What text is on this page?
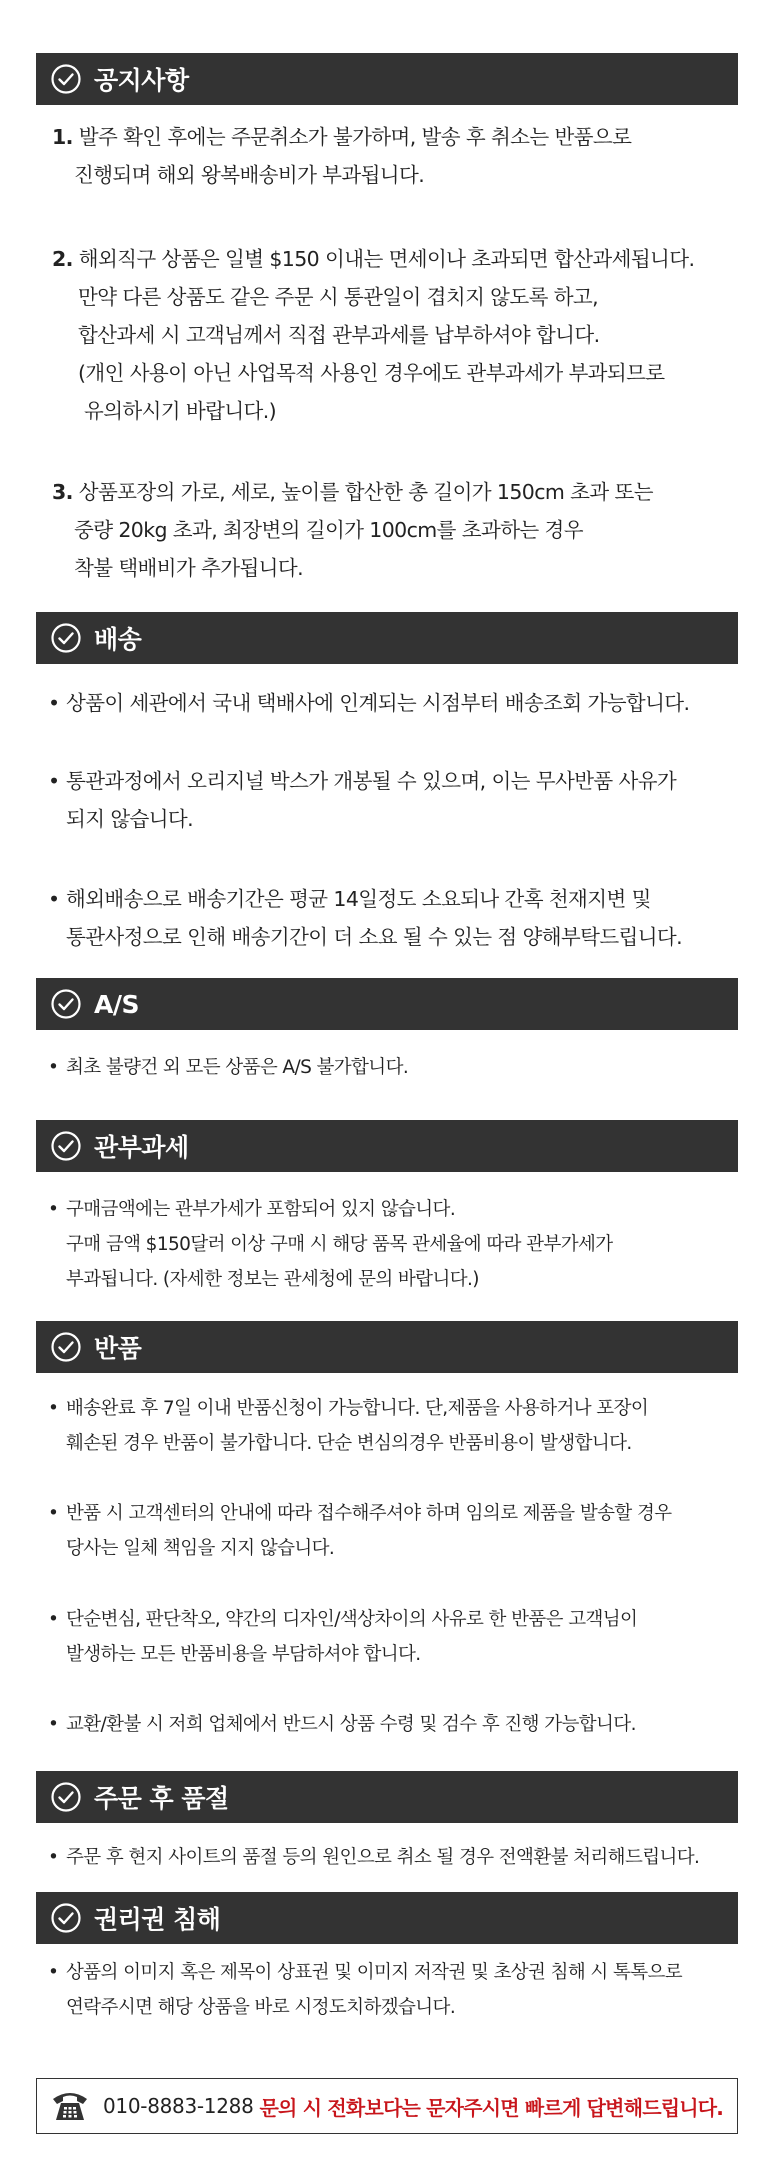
공지사항
1. 발주 확인 후에는 주문취소가 불가하며, 발송 후 취소는 반품으로
진행되며 해외 왕복배송비가 부과됩니다.
2. 해외직구 상품은 일별 $150 이내는 면세이나 초과되면 합산과세됩니다.
만약 다른 상품도 같은 주문 시 통관일이 겹치지 않도록 하고,
합산과세 시 고객님께서 직접 관부과세를 납부하셔야 합니다.
(개인 사용이 아닌 사업목적 사용인 경우에도 관부과세가 부과되므로
유의하시기 바랍니다.)
3. 상품포장의 가로, 세로, 높이를 합산한 총 길이가 150cm 초과 또는
중량 20kg 초과, 최장변의 길이가 100cm를 초과하는 경우
착불 택배비가 추가됩니다.
배송
• 상품이 세관에서 국내 택배사에 인계되는 시점부터 배송조회 가능합니다.
• 통관과정에서 오리지널 박스가 개봉될 수 있으며, 이는 무사반품 사유가
되지 않습니다.
• 해외배송으로 배송기간은 평균 14일정도 소요되나 간혹 천재지변 및
통관사정으로 인해 배송기간이 더 소요 될 수 있는 점 양해부탁드립니다.
A/S
• 최초 불량건 외 모든 상품은 A/S 불가합니다.
관부과세
• 구매금액에는 관부가세가 포함되어 있지 않습니다.
구매 금액 $150달러 이상 구매 시 해당 품목 관세율에 따라 관부가세가
부과됩니다. (자세한 정보는 관세청에 문의 바랍니다.)
반품
• 배송완료 후 7일 이내 반품신청이 가능합니다. 단,제품을 사용하거나 포장이
훼손된 경우 반품이 불가합니다. 단순 변심의경우 반품비용이 발생합니다.
• 반품 시 고객센터의 안내에 따라 접수해주셔야 하며 임의로 제품을 발송할 경우
당사는 일체 책임을 지지 않습니다.
• 단순변심, 판단착오, 약간의 디자인/색상차이의 사유로 한 반품은 고객님이
발생하는 모든 반품비용을 부담하셔야 합니다.
• 교환/환불 시 저희 업체에서 반드시 상품 수령 및 검수 후 진행 가능합니다.
주문 후 품절
• 주문 후 현지 사이트의 품절 등의 원인으로 취소 될 경우 전액환불 처리해드립니다.
권리권 침해
• 상품의 이미지 혹은 제목이 상표권 및 이미지 저작권 및 초상권 침해 시 톡톡으로
연락주시면 해당 상품을 바로 시정도치하겠습니다.
010-8883-1288 문의 시 전화보다는 문자주시면 빠르게 답변해드립니다.
